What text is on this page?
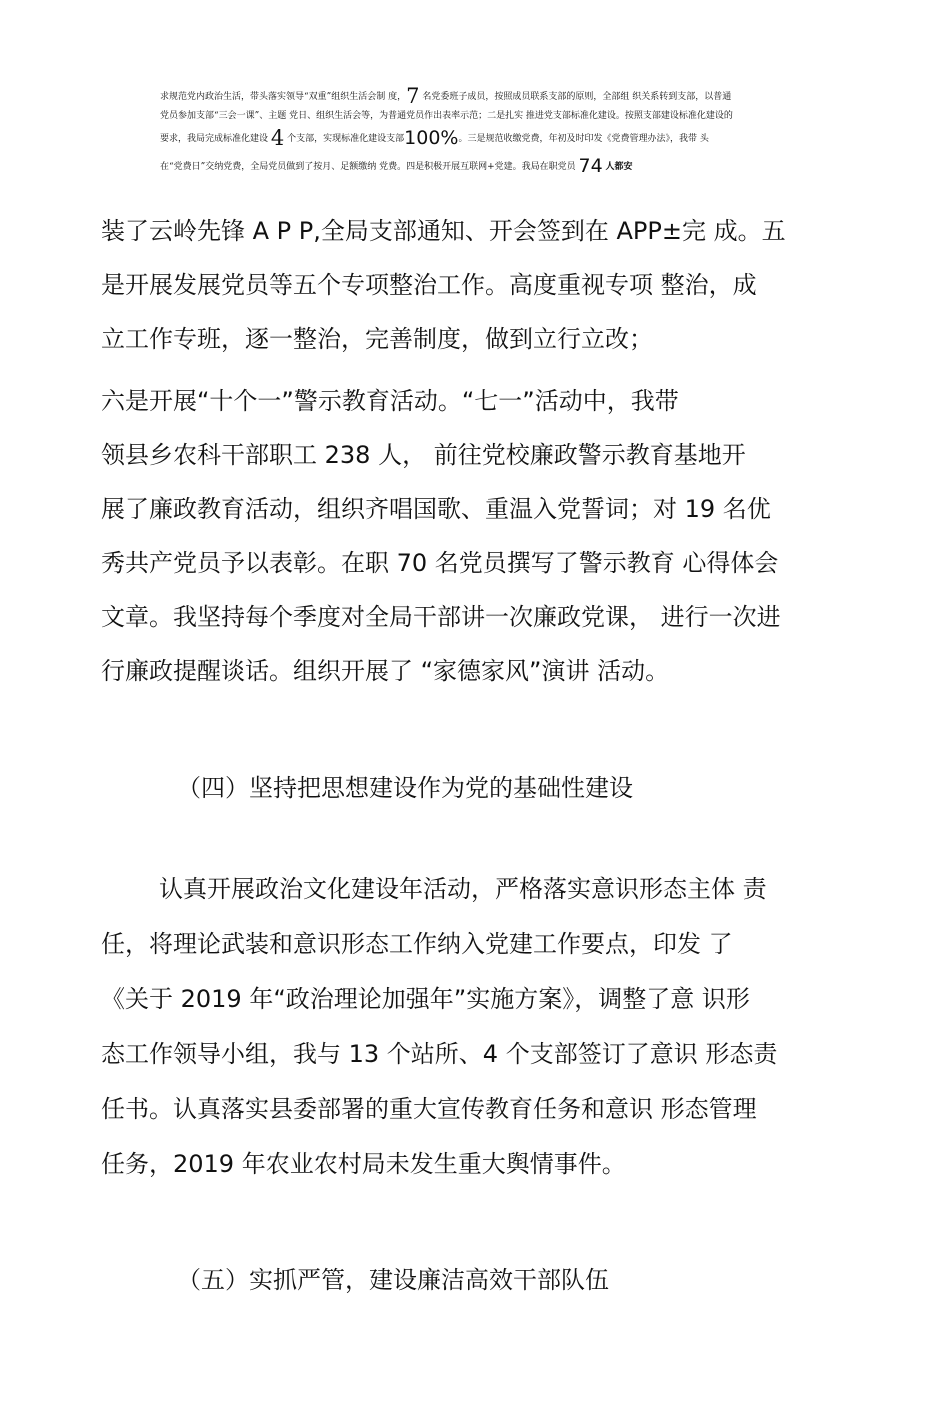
求规范党内政治生活，带头落实领导“双重”组织生活会制 度，7 名党委班子成员，按照成员联系支部的原则，全部组 织关系转到支部，以普通
党员参加支部“三会一课”、主题 党日、组织生活会等，为普通党员作出表率示范；二是扎实 推进党支部标准化建设。按照支部建设标准化建设的
要求，我局完成标准化建设 4 个支部，实现标准化建设支部100%。三是规范收缴党费，年初及时印发《党费管理办法》，我带 头
在“党费日”交纳党费，全局党员做到了按月、足额缴纳 党费。四是积极开展互联网+党建。我局在职党员 74 人都安
装了云岭先锋 A P P,全局支部通知、开会签到在 APP±完 成。五
是开展发展党员等五个专项整治工作。高度重视专项 整治，成
立工作专班，逐一整治，完善制度，做到立行立改；
六是开展“十个一”警示教育活动。“七一”活动中，我带
领县乡农科干部职工 238 人， 前往党校廉政警示教育基地开
展了廉政教育活动，组织齐唱国歌、重温入党誓词；对 19 名优
秀共产党员予以表彰。在职 70 名党员撰写了警示教育 心得体会
文章。我坚持每个季度对全局干部讲一次廉政党课， 进行一次进
行廉政提醒谈话。组织开展了 “家德家风”演讲 活动。
（四）坚持把思想建设作为党的基础性建设
认真开展政治文化建设年活动，严格落实意识形态主体 责
任，将理论武装和意识形态工作纳入党建工作要点，印发 了
《关于 2019 年“政治理论加强年”实施方案》，调整了意 识形
态工作领导小组，我与 13 个站所、4 个支部签订了意识 形态责
任书。认真落实县委部署的重大宣传教育任务和意识 形态管理
任务，2019 年农业农村局未发生重大舆情事件。
（五）实抓严管，建设廉洁高效干部队伍
